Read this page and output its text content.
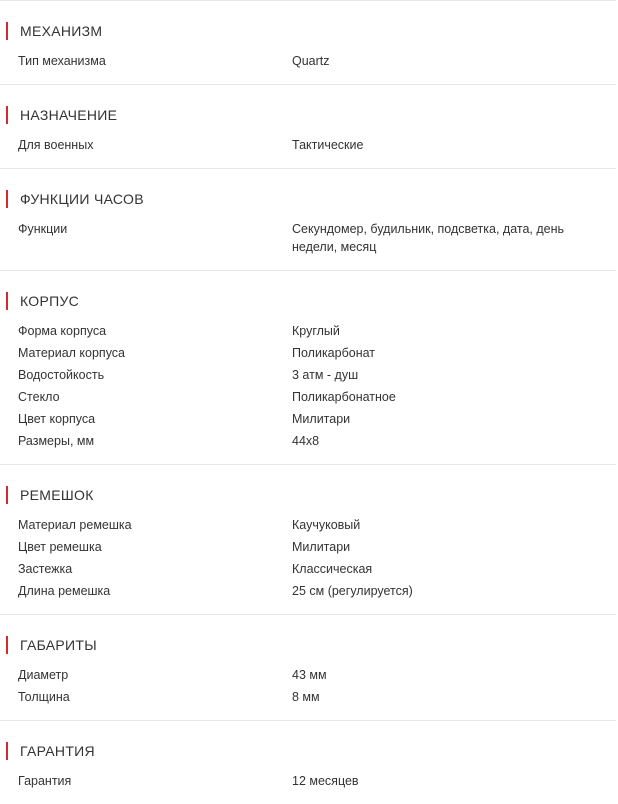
МЕХАНИЗМ
Тип механизма	Quartz
НАЗНАЧЕНИЕ
Для военных	Тактические
ФУНКЦИИ ЧАСОВ
Функции	Секундомер, будильник, подсветка, дата, день недели, месяц
КОРПУС
Форма корпуса	Круглый
Материал корпуса	Поликарбонат
Водостойкость	3 атм - душ
Стекло	Поликарбонатное
Цвет корпуса	Милитари
Размеры, мм	44x8
РЕМЕШОК
Материал ремешка	Каучуковый
Цвет ремешка	Милитари
Застежка	Классическая
Длина ремешка	25 см (регулируется)
ГАБАРИТЫ
Диаметр	43 мм
Толщина	8 мм
ГАРАНТИЯ
Гарантия	12 месяцев
